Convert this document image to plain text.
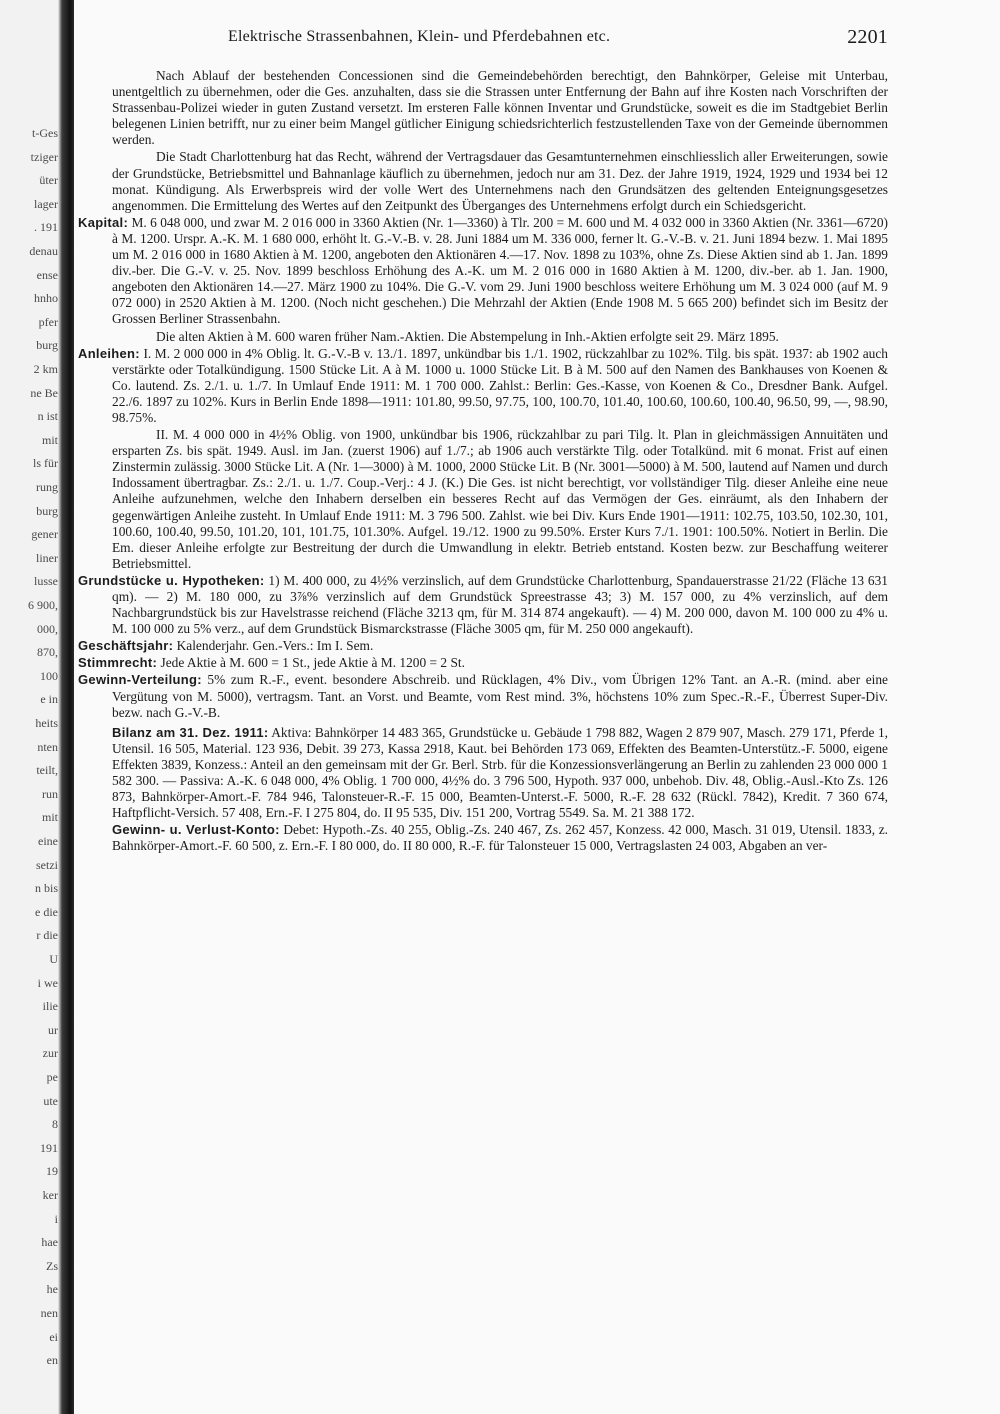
t-Ges
tziger
üter
lager
. 191
denau
ense
hnho
pfer
burg
2 km
ne Be
n ist
mit
ls für
rung
burg
gener
liner
lusse
6 900,
000,
870,
100
e in
heits
nten
teilt,
run
mit
eine
setzi
n bis
e die
r die
U
i we
ilie
ur
zur
pe
ute
8
191
19
ker
i
hae
Zs
he
nen
ei
en
Elektrische Strassenbahnen, Klein- und Pferdebahnen etc.	2201

Nach Ablauf der bestehenden Concessionen sind die Gemeindebehörden berechtigt, den Bahnkörper, Geleise mit Unterbau, unentgeltlich zu übernehmen, oder die Ges. anzuhalten, dass sie die Strassen unter Entfernung der Bahn auf ihre Kosten nach Vorschriften der Strassenbau-Polizei wieder in guten Zustand versetzt. Im ersteren Falle können Inventar und Grundstücke, soweit es die im Stadtgebiet Berlin belegenen Linien betrifft, nur zu einer beim Mangel gütlicher Einigung schiedsrichterlich festzustellenden Taxe von der Gemeinde übernommen werden.

Die Stadt Charlottenburg hat das Recht, während der Vertragsdauer das Gesamtunternehmen einschliesslich aller Erweiterungen, sowie der Grundstücke, Betriebsmittel und Bahnanlage käuflich zu übernehmen, jedoch nur am 31. Dez. der Jahre 1919, 1924, 1929 und 1934 bei 12 monat. Kündigung. Als Erwerbspreis wird der volle Wert des Unternehmens nach den Grundsätzen des geltenden Enteignungsgesetzes angenommen. Die Ermittelung des Wertes auf den Zeitpunkt des Überganges des Unternehmens erfolgt durch ein Schiedsgericht.

Kapital: M. 6 048 000, und zwar M. 2 016 000 in 3360 Aktien (Nr. 1—3360) à Tlr. 200 = M. 600 und M. 4 032 000 in 3360 Aktien (Nr. 3361—6720) à M. 1200. Urspr. A.-K. M. 1 680 000, erhöht lt. G.-V.-B. v. 28. Juni 1884 um M. 336 000, ferner lt. G.-V.-B. v. 21. Juni 1894 bezw. 1. Mai 1895 um M. 2 016 000 in 1680 Aktien à M. 1200, angeboten den Aktionären 4.—17. Nov. 1898 zu 103%, ohne Zs. Diese Aktien sind ab 1. Jan. 1899 div.-ber. Die G.-V. v. 25. Nov. 1899 beschloss Erhöhung des A.-K. um M. 2 016 000 in 1680 Aktien à M. 1200, div.-ber. ab 1. Jan. 1900, angeboten den Aktionären 14.—27. März 1900 zu 104%. Die G.-V. vom 29. Juni 1900 beschloss weitere Erhöhung um M. 3 024 000 (auf M. 9 072 000) in 2520 Aktien à M. 1200. (Noch nicht geschehen.) Die Mehrzahl der Aktien (Ende 1908 M. 5 665 200) befindet sich im Besitz der Grossen Berliner Strassenbahn.

Die alten Aktien à M. 600 waren früher Nam.-Aktien. Die Abstempelung in Inh.-Aktien erfolgte seit 29. März 1895.

Anleihen: I. M. 2 000 000 in 4% Oblig. lt. G.-V.-B v. 13./1. 1897, unkündbar bis 1./1. 1902, rückzahlbar zu 102%. Tilg. bis spät. 1937: ab 1902 auch verstärkte oder Totalkündigung. 1500 Stücke Lit. A à M. 1000 u. 1000 Stücke Lit. B à M. 500 auf den Namen des Bankhauses von Koenen & Co. lautend. Zs. 2./1. u. 1./7. In Umlauf Ende 1911: M. 1 700 000. Zahlst.: Berlin: Ges.-Kasse, von Koenen & Co., Dresdner Bank. Aufgel. 22./6. 1897 zu 102%. Kurs in Berlin Ende 1898—1911: 101.80, 99.50, 97.75, 100, 100.70, 101.40, 100.60, 100.60, 100.40, 96.50, 99, —, 98.90, 98.75%.

II. M. 4 000 000 in 4½% Oblig. von 1900, unkündbar bis 1906, rückzahlbar zu pari Tilg. lt. Plan in gleichmässigen Annuitäten und ersparten Zs. bis spät. 1949. Ausl. im Jan. (zuerst 1906) auf 1./7.; ab 1906 auch verstärkte Tilg. oder Totalkünd. mit 6 monat. Frist auf einen Zinstermin zulässig. 3000 Stücke Lit. A (Nr. 1—3000) à M. 1000, 2000 Stücke Lit. B (Nr. 3001—5000) à M. 500, lautend auf Namen und durch Indossament übertragbar. Zs.: 2./1. u. 1./7. Coup.-Verj.: 4 J. (K.) Die Ges. ist nicht berechtigt, vor vollständiger Tilg. dieser Anleihe eine neue Anleihe aufzunehmen, welche den Inhabern derselben ein besseres Recht auf das Vermögen der Ges. einräumt, als den Inhabern der gegenwärtigen Anleihe zusteht. In Umlauf Ende 1911: M. 3 796 500. Zahlst. wie bei Div. Kurs Ende 1901—1911: 102.75, 103.50, 102.30, 101, 100.60, 100.40, 99.50, 101.20, 101, 101.75, 101.30%. Aufgel. 19./12. 1900 zu 99.50%. Erster Kurs 7./1. 1901: 100.50%. Notiert in Berlin. Die Em. dieser Anleihe erfolgte zur Bestreitung der durch die Umwandlung in elektr. Betrieb entstand. Kosten bezw. zur Beschaffung weiterer Betriebsmittel.

Grundstücke u. Hypotheken: 1) M. 400 000, zu 4½% verzinslich, auf dem Grundstücke Charlottenburg, Spandauerstrasse 21/22 (Fläche 13 631 qm). — 2) M. 180 000, zu 3⅞% verzinslich auf dem Grundstück Spreestrasse 43; 3) M. 157 000, zu 4% verzinslich, auf dem Nachbargrundstück bis zur Havelstrasse reichend (Fläche 3213 qm, für M. 314 874 angekauft). — 4) M. 200 000, davon M. 100 000 zu 4% u. M. 100 000 zu 5% verz., auf dem Grundstück Bismarckstrasse (Fläche 3005 qm, für M. 250 000 angekauft).

Geschäftsjahr: Kalenderjahr. Gen.-Vers.: Im I. Sem.

Stimmrecht: Jede Aktie à M. 600 = 1 St., jede Aktie à M. 1200 = 2 St.

Gewinn-Verteilung: 5% zum R.-F., event. besondere Abschreib. und Rücklagen, 4% Div., vom Übrigen 12% Tant. an A.-R. (mind. aber eine Vergütung von M. 5000), vertragsm. Tant. an Vorst. und Beamte, vom Rest mind. 3%, höchstens 10% zum Spec.-R.-F., Überrest Super-Div. bezw. nach G.-V.-B.

Bilanz am 31. Dez. 1911: Aktiva: Bahnkörper 14 483 365, Grundstücke u. Gebäude 1 798 882, Wagen 2 879 907, Masch. 279 171, Pferde 1, Utensil. 16 505, Material. 123 936, Debit. 39 273, Kassa 2918, Kaut. bei Behörden 173 069, Effekten des Beamten-Unterstütz.-F. 5000, eigene Effekten 3839, Konzess.: Anteil an den gemeinsam mit der Gr. Berl. Strb. für die Konzessionsverlängerung an Berlin zu zahlenden 23 000 000 1 582 300. — Passiva: A.-K. 6 048 000, 4% Oblig. 1 700 000, 4½% do. 3 796 500, Hypoth. 937 000, unbehob. Div. 48, Oblig.-Ausl.-Kto Zs. 126 873, Bahnkörper-Amort.-F. 784 946, Talonsteuer-R.-F. 15 000, Beamten-Unterst.-F. 5000, R.-F. 28 632 (Rückl. 7842), Kredit. 7 360 674, Haftpflicht-Versich. 57 408, Ern.-F. I 275 804, do. II 95 535, Div. 151 200, Vortrag 5549. Sa. M. 21 388 172.

Gewinn- u. Verlust-Konto: Debet: Hypoth.-Zs. 40 255, Oblig.-Zs. 240 467, Zs. 262 457, Konzess. 42 000, Masch. 31 019, Utensil. 1833, z. Bahnkörper-Amort.-F. 60 500, z. Ern.-F. I 80 000, do. II 80 000, R.-F. für Talonsteuer 15 000, Vertragslasten 24 003, Abgaben an ver-
